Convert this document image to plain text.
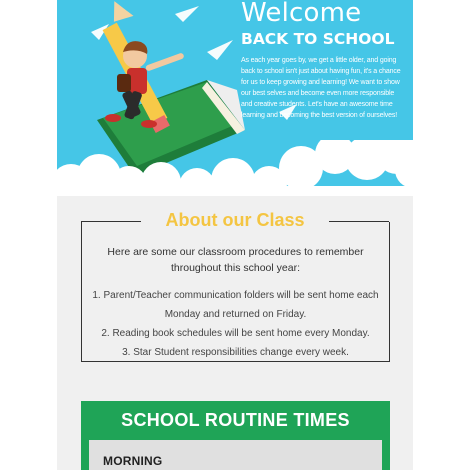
Welcome
BACK TO SCHOOL

As each year goes by, we get a little older, and going back to school isn't just about having fun, it's a chance for us to keep growing and learning! We want to show our best selves and become even more responsible and creative students. Let's have an awesome time learning and becoming the best version of ourselves!

About our Class

Here are some our classroom procedures to remember throughout this school year:

1. Parent/Teacher communication folders will be sent home each Monday and returned on Friday.
2. Reading book schedules will be sent home every Monday.
3. Star Student responsibilities change every week.
SCHOOL ROUTINE TIMES
MORNING
